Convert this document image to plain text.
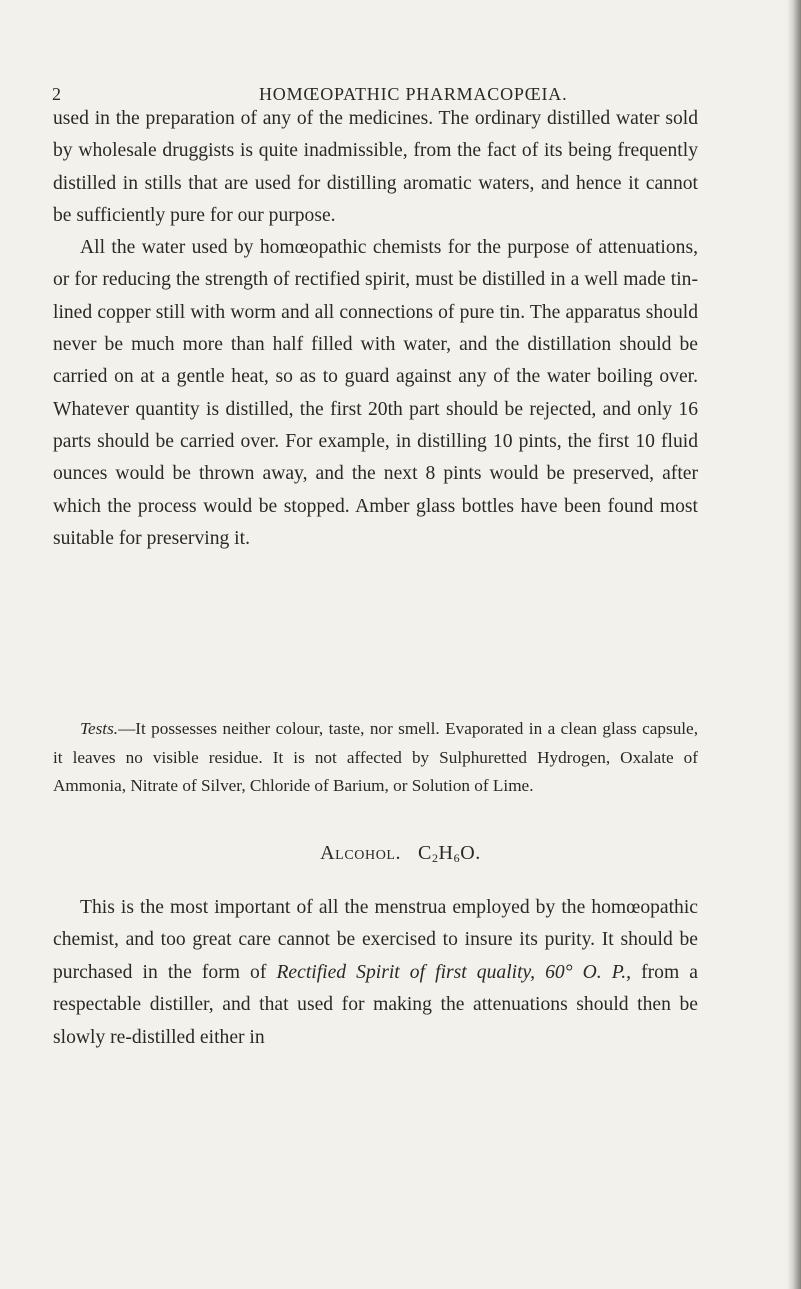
2	HOMŒOPATHIC PHARMACOPŒIA.

used in the preparation of any of the medicines. The ordinary distilled water sold by wholesale druggists is quite inadmissible, from the fact of its being frequently distilled in stills that are used for distilling aromatic waters, and hence it cannot be sufficiently pure for our purpose.

All the water used by homœopathic chemists for the purpose of attenuations, or for reducing the strength of rectified spirit, must be distilled in a well made tin-lined copper still with worm and all connections of pure tin. The apparatus should never be much more than half filled with water, and the distillation should be carried on at a gentle heat, so as to guard against any of the water boiling over. Whatever quantity is distilled, the first 20th part should be rejected, and only 16 parts should be carried over. For example, in distilling 10 pints, the first 10 fluid ounces would be thrown away, and the next 8 pints would be preserved, after which the process would be stopped. Amber glass bottles have been found most suitable for preserving it.

Tests.—It possesses neither colour, taste, nor smell. Evaporated in a clean glass capsule, it leaves no visible residue. It is not affected by Sulphuretted Hydrogen, Oxalate of Ammonia, Nitrate of Silver, Chloride of Barium, or Solution of Lime.
Alcohol. $C_2H_6O$.
This is the most important of all the menstrua employed by the homœopathic chemist, and too great care cannot be exercised to insure its purity. It should be purchased in the form of Rectified Spirit of first quality, 60° O. P., from a respectable distiller, and that used for making the attenuations should then be slowly re-distilled either in
